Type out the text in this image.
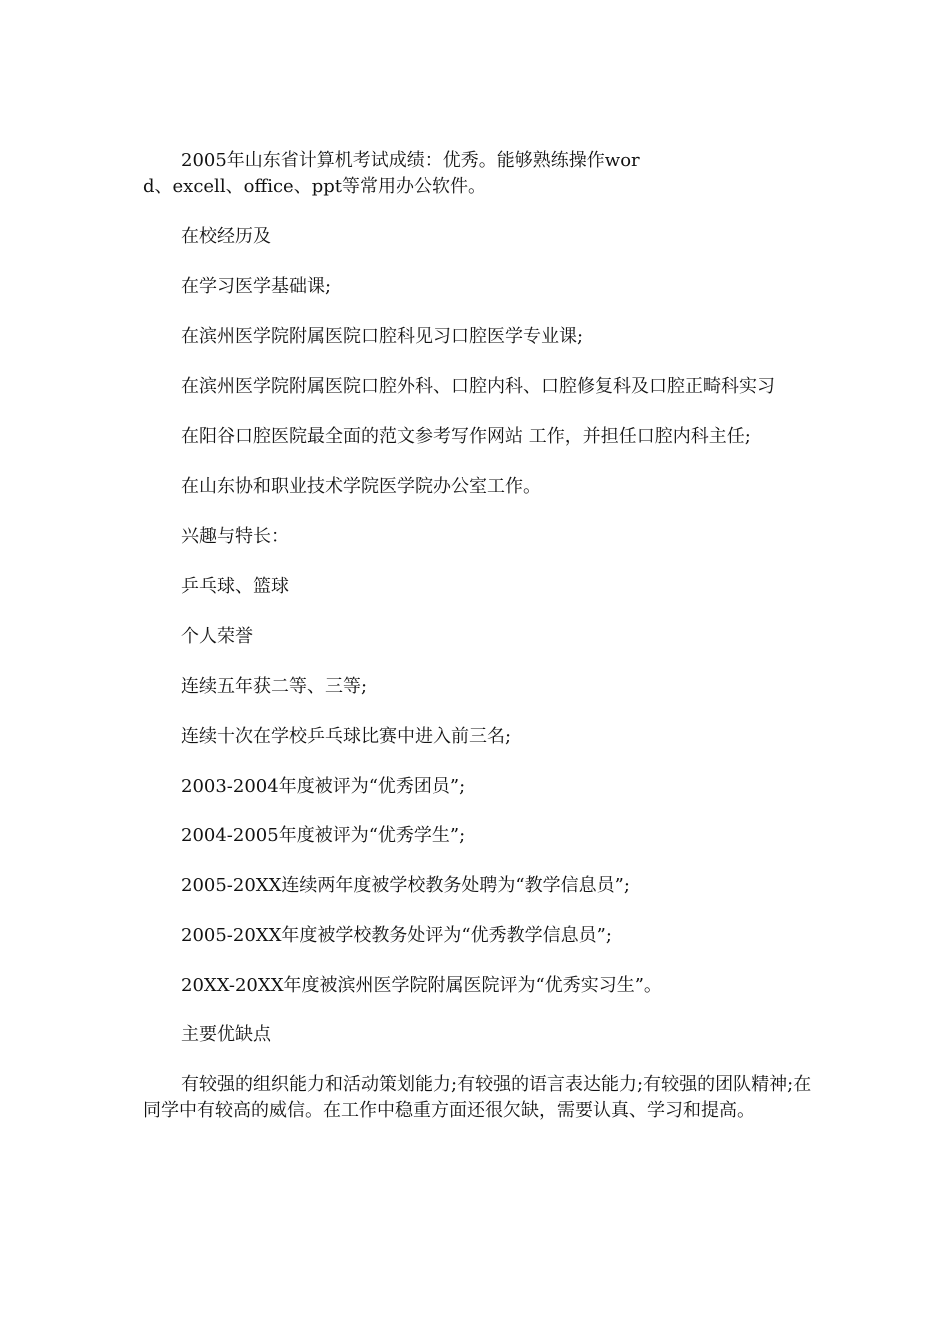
2005年山东省计算机考试成绩：优秀。能够熟练操作word、excell、office、ppt等常用办公软件。

在校经历及

在学习医学基础课;

在滨州医学院附属医院口腔科见习口腔医学专业课;

在滨州医学院附属医院口腔外科、口腔内科、口腔修复科及口腔正畸科实习

在阳谷口腔医院最全面的范文参考写作网站 工作，并担任口腔内科主任;

在山东协和职业技术学院医学院办公室工作。

兴趣与特长：

乒乓球、篮球

个人荣誉

连续五年获二等、三等;

连续十次在学校乒乓球比赛中进入前三名;

2003-2004年度被评为“优秀团员”;

2004-2005年度被评为“优秀学生”;

2005-20XX连续两年度被学校教务处聘为“教学信息员”;

2005-20XX年度被学校教务处评为“优秀教学信息员”;

20XX-20XX年度被滨州医学院附属医院评为“优秀实习生”。

主要优缺点

有较强的组织能力和活动策划能力;有较强的语言表达能力;有较强的团队精神;在同学中有较高的威信。在工作中稳重方面还很欠缺，需要认真、学习和提高。
